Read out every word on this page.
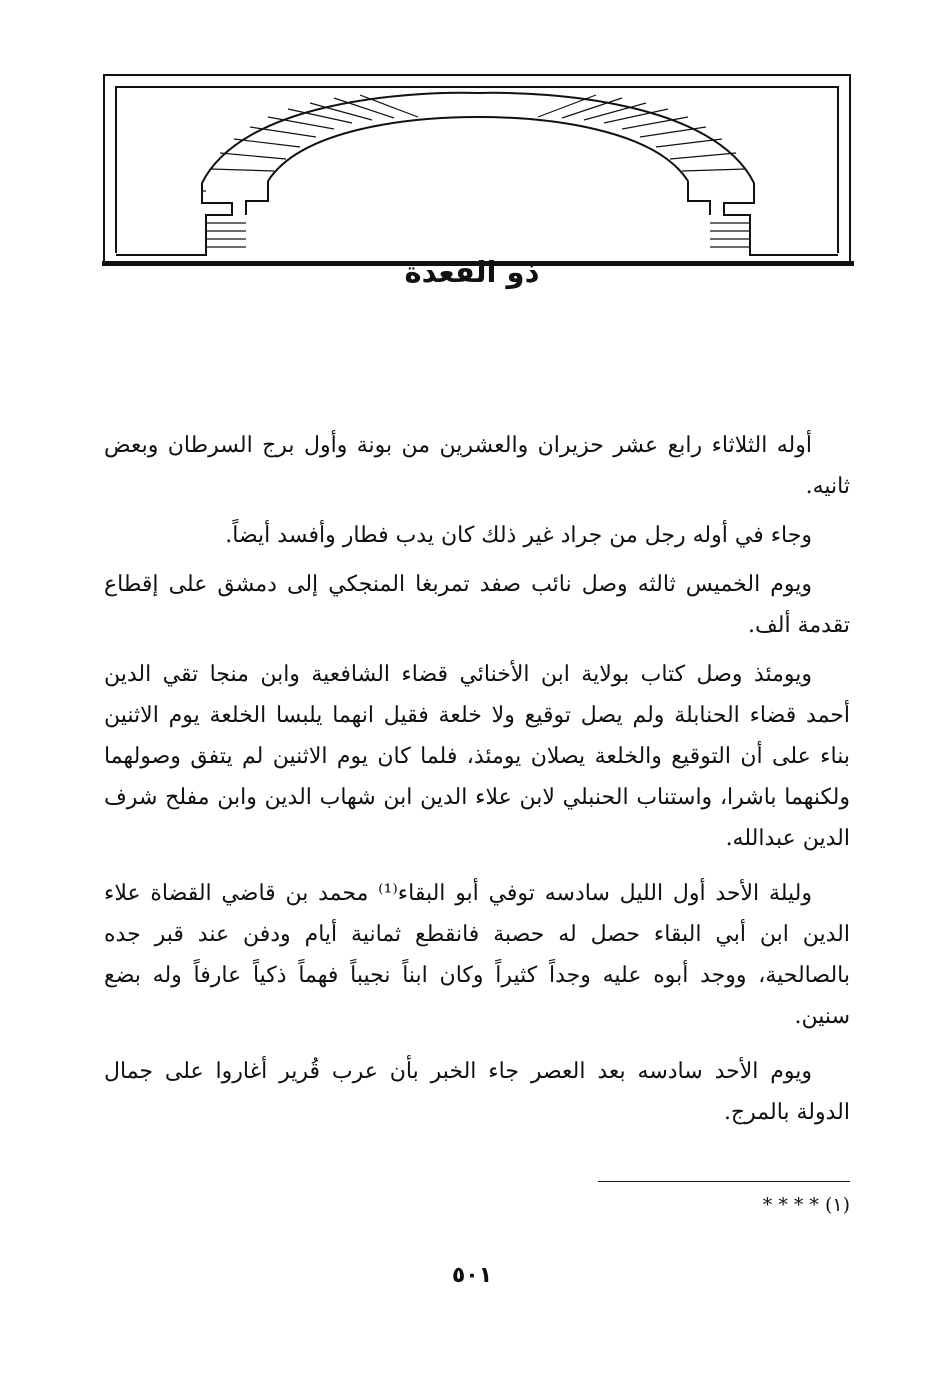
ذو القعدة

أوله الثلاثاء رابع عشر حزيران والعشرين من بونة وأول برج السرطان وبعض ثانيه.

وجاء في أوله رجل من جراد غير ذلك كان يدب فطار وأفسد أيضاً.

ويوم الخميس ثالثه وصل نائب صفد تمربغا المنجكي إلى دمشق على إقطاع تقدمة ألف.

ويومئذ وصل كتاب بولاية ابن الأخنائي قضاء الشافعية وابن منجا تقي الدين أحمد قضاء الحنابلة ولم يصل توقيع ولا خلعة فقيل انهما يلبسا الخلعة يوم الاثنين بناء على أن التوقيع والخلعة يصلان يومئذ، فلما كان يوم الاثنين لم يتفق وصولهما ولكنهما باشرا، واستناب الحنبلي لابن علاء الدين ابن شهاب الدين وابن مفلح شرف الدين عبدالله.

وليلة الأحد أول الليل سادسه توفي أبو البقاء⁽¹⁾ محمد بن قاضي القضاة علاء الدين ابن أبي البقاء حصل له حصبة فانقطع ثمانية أيام ودفن عند قبر جده بالصالحية، ووجد أبوه عليه وجداً كثيراً وكان ابناً نجيباً فهماً ذكياً عارفاً وله بضع سنين.

ويوم الأحد سادسه بعد العصر جاء الخبر بأن عرب قُرير أغاروا على جمال الدولة بالمرج.

(١) * * * *
٥٠١
